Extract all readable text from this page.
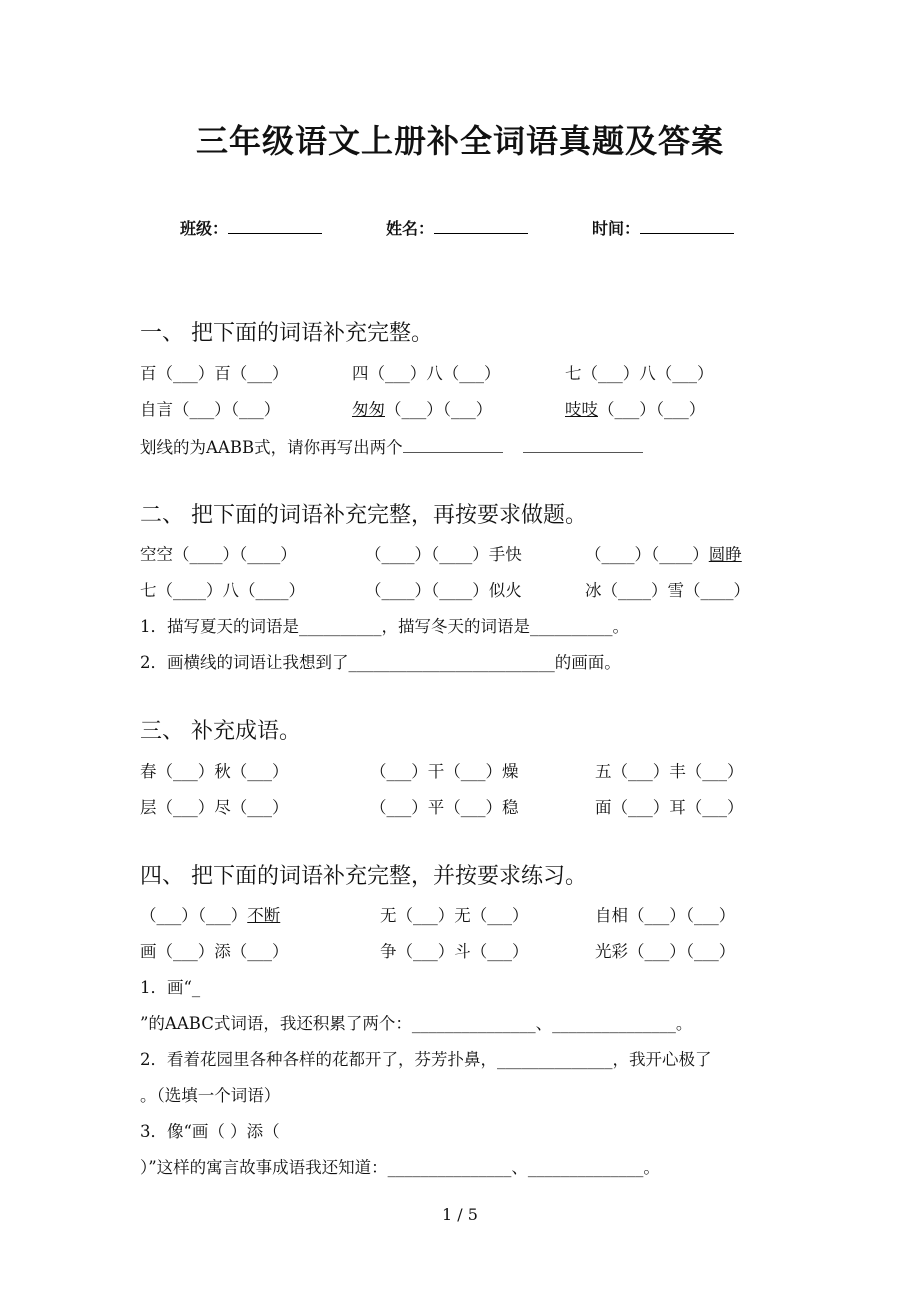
三年级语文上册补全词语真题及答案
班级：	姓名：	时间：
一、 把下面的词语补充完整。
百（___）百（___）	四（___）八（___）	七（___）八（___）
自言（___）（___）	匆匆（___）（___）	吱吱（___）（___）
划线的为AABB式，请你再写出两个
二、 把下面的词语补充完整，再按要求做题。
空空（____）（____）	（____）（____）手快	（____）（____）圆睁
七（____）八（____）	（____）（____）似火	冰（____）雪（____）
1．描写夏天的词语是__________，描写冬天的词语是__________。
2．画横线的词语让我想到了_________________________的画面。
三、 补充成语。
春（___）秋（___）	（___）干（___）燥	五（___）丰（___）
层（___）尽（___）	（___）平（___）稳	面（___）耳（___）
四、 把下面的词语补充完整，并按要求练习。
（___）（___）不断	无（___）无（___）	自相（___）（___）
画（___）添（___）	争（___）斗（___）	光彩（___）（___）
1．画“_
”的AABC式词语，我还积累了两个：_______________、_______________。
2．看着花园里各种各样的花都开了，芬芳扑鼻，______________，我开心极了
。（选填一个词语）
3．像“画（ ）添（
）”这样的寓言故事成语我还知道：_______________、______________。
1 / 5
